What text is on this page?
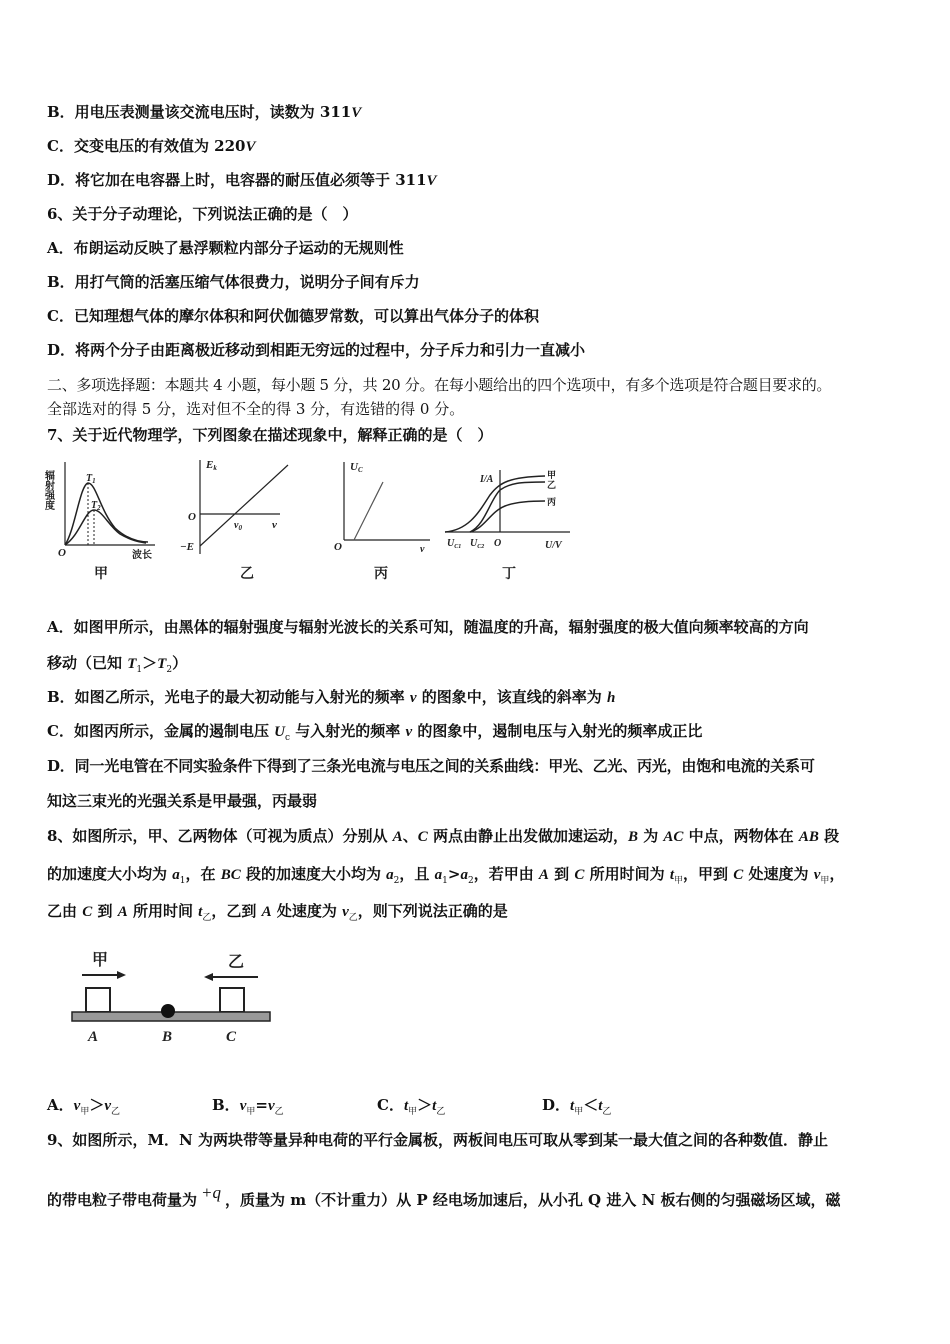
B．用电压表测量该交流电压时，读数为 311V
C．交变电压的有效值为 220V
D．将它加在电容器上时，电容器的耐压值必须等于 311V
6、关于分子动理论，下列说法正确的是（　）
A．布朗运动反映了悬浮颗粒内部分子运动的无规则性
B．用打气筒的活塞压缩气体很费力，说明分子间有斥力
C．已知理想气体的摩尔体积和阿伏伽德罗常数，可以算出气体分子的体积
D．将两个分子由距离极近移动到相距无穷远的过程中，分子斥力和引力一直减小
二、多项选择题：本题共 4 小题，每小题 5 分，共 20 分。在每小题给出的四个选项中，有多个选项是符合题目要求的。
全部选对的得 5 分，选对但不全的得 3 分，有选错的得 0 分。
7、关于近代物理学，下列图象在描述现象中，解释正确的是（　）
辐射强度
O	波长
$T_1$
$T_2$
甲
Ek
O
$\nu_0$	ν
−E
乙
UC
O	ν
丙
I/A	甲
乙
丙
$U_{C1}$ $U_{C2}$ O	U/V
丁
A．如图甲所示，由黑体的辐射强度与辐射光波长的关系可知，随温度的升高，辐射强度的极大值向频率较高的方向
移动（已知 $T_1>T_2$）
B．如图乙所示，光电子的最大初动能与入射光的频率 v 的图象中，该直线的斜率为 h
C．如图丙所示，金属的遏制电压 $U_c$ 与入射光的频率 v 的图象中，遏制电压与入射光的频率成正比
D．同一光电管在不同实验条件下得到了三条光电流与电压之间的关系曲线：甲光、乙光、丙光，由饱和电流的关系可
知这三束光的光强关系是甲最强，丙最弱
8、如图所示，甲、乙两物体（可视为质点）分别从 A、C 两点由静止出发做加速运动，B 为 AC 中点，两物体在 AB 段
的加速度大小均为 $a_1$，在 BC 段的加速度大小均为 $a_2$，且 $a_1>a_2$，若甲由 A 到 C 所用时间为 $t_甲$，甲到 C 处速度为 $v_甲$，
乙由 C 到 A 所用时间 $t_乙$，乙到 A 处速度为 $v_乙$，则下列说法正确的是
甲	乙
A	B	C
A．$v_甲>v_乙$	B．$v_甲=v_乙$	C．$t_甲>t_乙$	D．$t_甲<t_乙$
9、如图所示，M．N 为两块带等量异种电荷的平行金属板，两板间电压可取从零到某一最大值之间的各种数值．静止
的带电粒子带电荷量为 +q ，质量为 m（不计重力）从 P 经电场加速后，从小孔 Q 进入 N 板右侧的匀强磁场区域，磁
